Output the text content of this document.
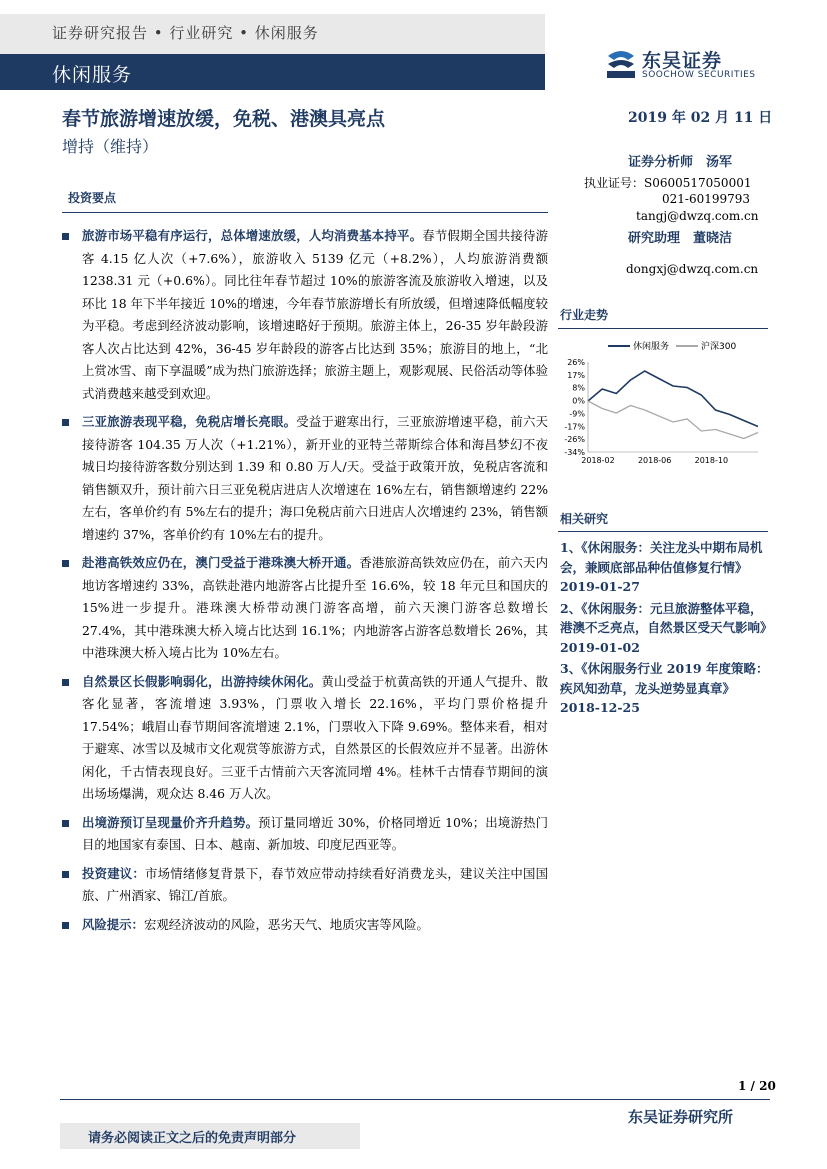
证券研究报告 • 行业研究 • 休闲服务
休闲服务
东吴证券
SOOCHOW SECURITIES
春节旅游增速放缓，免税、港澳具亮点
增持（维持）
2019 年 02 月 11 日
证券分析师　汤军
执业证号：S0600517050001
021-60199793
tangj@dwzq.com.cn
研究助理　董晓洁
dongxj@dwzq.com.cn
投资要点
旅游市场平稳有序运行，总体增速放缓，人均消费基本持平。春节假期全国共接待游客 4.15 亿人次（+7.6%），旅游收入 5139 亿元（+8.2%），人均旅游消费额 1238.31 元（+0.6%）。同比往年春节超过 10%的旅游客流及旅游收入增速，以及环比 18 年下半年接近 10%的增速，今年春节旅游增长有所放缓，但增速降低幅度较为平稳。考虑到经济波动影响，该增速略好于预期。旅游主体上，26-35 岁年龄段游客人次占比达到 42%，36-45 岁年龄段的游客占比达到 35%；旅游目的地上，“北上赏冰雪、南下享温暖”成为热门旅游选择；旅游主题上，观影观展、民俗活动等体验式消费越来越受到欢迎。
三亚旅游表现平稳，免税店增长亮眼。受益于避寒出行，三亚旅游增速平稳，前六天接待游客 104.35 万人次（+1.21%），新开业的亚特兰蒂斯综合体和海昌梦幻不夜城日均接待游客数分别达到 1.39 和 0.80 万人/天。受益于政策开放，免税店客流和销售额双升，预计前六日三亚免税店进店人次增速在 16%左右，销售额增速约 22%左右，客单价约有 5%左右的提升；海口免税店前六日进店人次增速约 23%，销售额增速约 37%，客单价约有 10%左右的提升。
赴港高铁效应仍在，澳门受益于港珠澳大桥开通。香港旅游高铁效应仍在，前六天内地访客增速约 33%，高铁赴港内地游客占比提升至 16.6%，较 18 年元旦和国庆的 15%进一步提升。港珠澳大桥带动澳门游客高增，前六天澳门游客总数增长 27.4%，其中港珠澳大桥入境占比达到 16.1%；内地游客占游客总数增长 26%，其中港珠澳大桥入境占比为 10%左右。
自然景区长假影响弱化，出游持续休闲化。黄山受益于杭黄高铁的开通人气提升、散客化显著，客流增速 3.93%，门票收入增长 22.16%，平均门票价格提升 17.54%；峨眉山春节期间客流增速 2.1%，门票收入下降 9.69%。整体来看，相对于避寒、冰雪以及城市文化观赏等旅游方式，自然景区的长假效应并不显著。出游休闲化，千古情表现良好。三亚千古情前六天客流同增 4%。桂林千古情春节期间的演出场场爆满，观众达 8.46 万人次。
出境游预订呈现量价齐升趋势。预订量同增近 30%，价格同增近 10%；出境游热门目的地国家有泰国、日本、越南、新加坡、印度尼西亚等。
投资建议：市场情绪修复背景下，春节效应带动持续看好消费龙头，建议关注中国国旅、广州酒家、锦江/首旅。
风险提示：宏观经济波动的风险，恶劣天气、地质灾害等风险。
行业走势
休闲服务	沪深300
26%
17%
8%
0%
-9%
-17%
-26%
-34%
2018-02	2018-06	2018-10
相关研究
1、《休闲服务：关注龙头中期布局机会，兼顾底部品种估值修复行情》2019-01-27
2、《休闲服务：元旦旅游整体平稳，港澳不乏亮点，自然景区受天气影响》2019-01-02
3、《休闲服务行业 2019 年度策略：疾风知劲草，龙头逆势显真章》2018-12-25
1 / 20
东吴证券研究所
请务必阅读正文之后的免责声明部分
